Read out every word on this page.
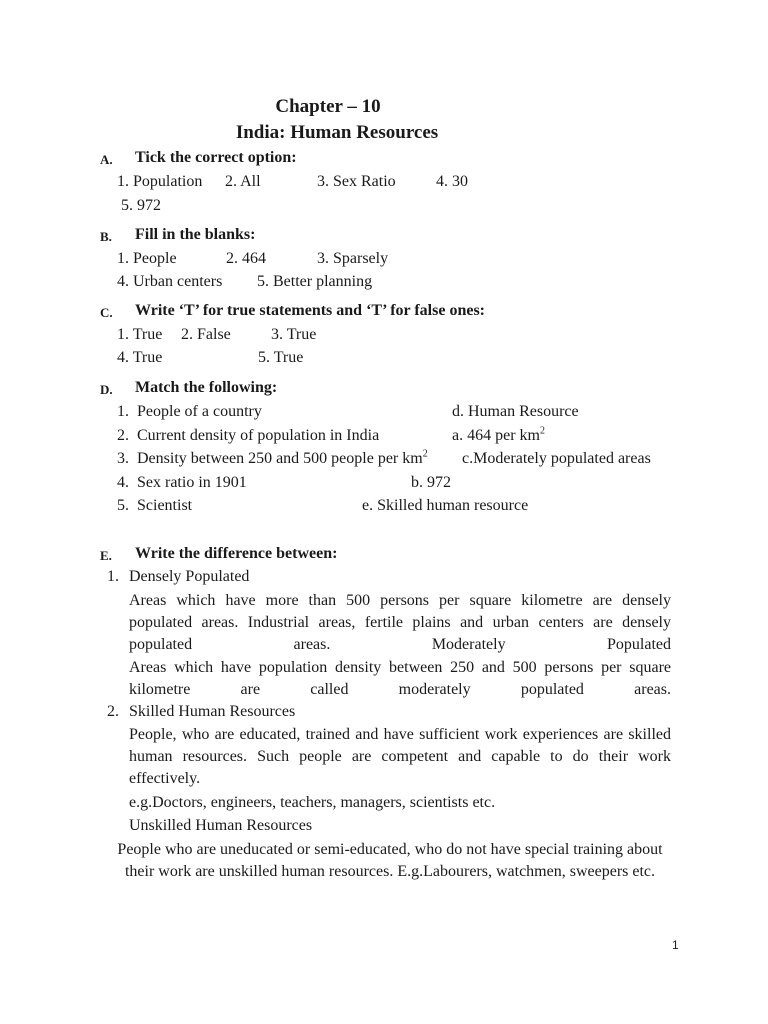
Chapter – 10
India: Human Resources
A. Tick the correct option:
1. Population 2. All	3. Sex Ratio	4. 30
5. 972
B. Fill in the blanks:
1. People	2. 464	3. Sparsely
4. Urban centers 5. Better planning
C. Write ‘T’ for true statements and ‘T’ for false ones:
1. True 2. False	3. True
4. True	5. True
D. Match the following:
1. People of a country	d. Human Resource
2. Current density of population in India	a. 464 per $km^2$
3. Density between 250 and 500 people per $km^2$ c.Moderately populated areas
4. Sex ratio in 1901	b. 972
5. Scientist	e. Skilled human resource
E. Write the difference between:
1. Densely Populated
Areas which have more than 500 persons per square kilometre are densely populated areas. Industrial areas, fertile plains and urban centers are densely populated areas. Moderately Populated
Areas which have population density between 250 and 500 persons per square kilometre are called moderately populated areas.
2. Skilled Human Resources
People, who are educated, trained and have sufficient work experiences are skilled human resources. Such people are competent and capable to do their work effectively.
e.g.Doctors, engineers, teachers, managers, scientists etc.
Unskilled Human Resources
People who are uneducated or semi-educated, who do not have special training about their work are unskilled human resources. E.g.Labourers, watchmen, sweepers etc.
1
